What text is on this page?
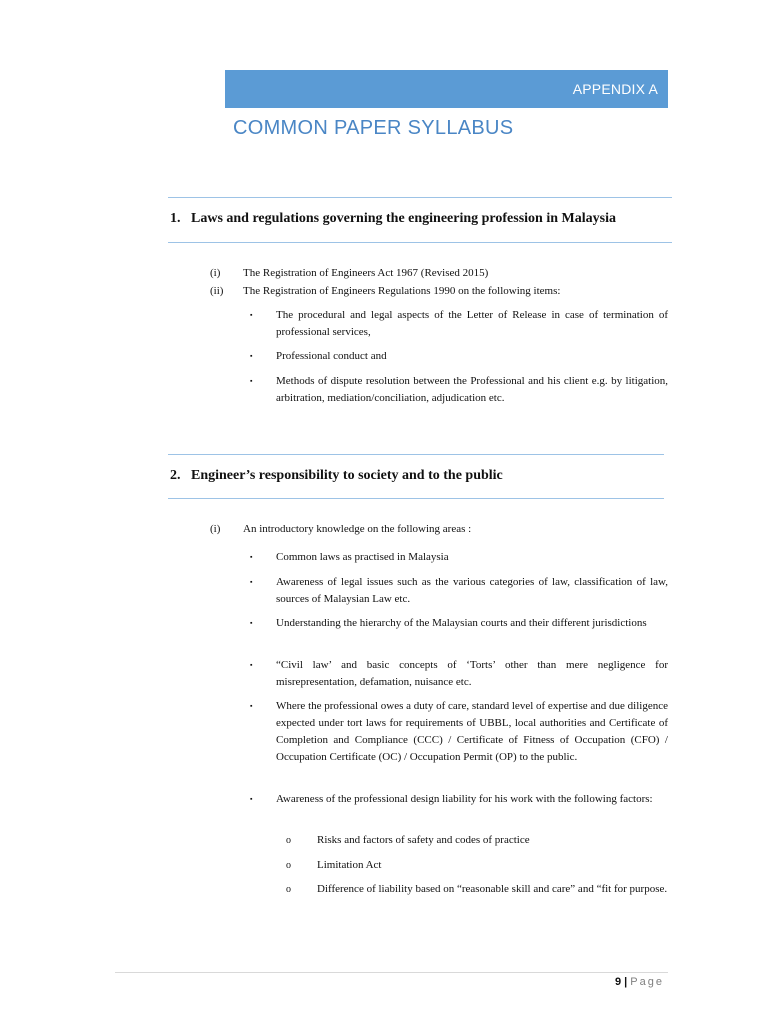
APPENDIX A
COMMON PAPER SYLLABUS
1. Laws and regulations governing the engineering profession in Malaysia
(i) The Registration of Engineers Act 1967 (Revised 2015)
(ii) The Registration of Engineers Regulations 1990 on the following items:
▪ The procedural and legal aspects of the Letter of Release in case of termination of professional services,
▪ Professional conduct and
▪ Methods of dispute resolution between the Professional and his client e.g. by litigation, arbitration, mediation/conciliation, adjudication etc.
2. Engineer’s responsibility to society and to the public
(i) An introductory knowledge on the following areas :
▪ Common laws as practised in Malaysia
▪ Awareness of legal issues such as the various categories of law, classification of law, sources of Malaysian Law etc.
▪ Understanding the hierarchy of the Malaysian courts and their different jurisdictions
▪ “Civil law’ and basic concepts of ‘Torts’ other than mere negligence for misrepresentation, defamation, nuisance etc.
▪ Where the professional owes a duty of care, standard level of expertise and due diligence expected under tort laws for requirements of UBBL, local authorities and Certificate of Completion and Compliance (CCC) / Certificate of Fitness of Occupation (CFO) / Occupation Certificate (OC) / Occupation Permit (OP) to the public.
▪ Awareness of the professional design liability for his work with the following factors:
o Risks and factors of safety and codes of practice
o Limitation Act
o Difference of liability based on “reasonable skill and care” and “fit for purpose.
9 | Page
